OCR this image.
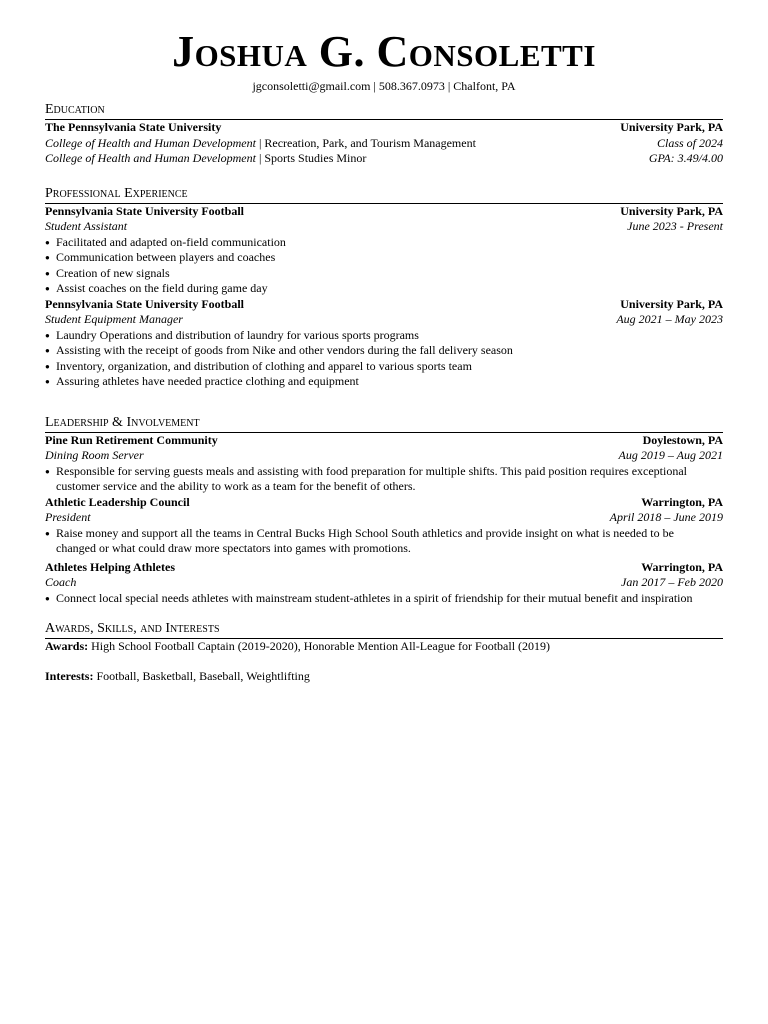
Joshua G. Consoletti
jgconsoletti@gmail.com | 508.367.0973 | Chalfont, PA
Education
The Pennsylvania State University	University Park, PA
College of Health and Human Development | Recreation, Park, and Tourism Management	Class of 2024
College of Health and Human Development | Sports Studies Minor	GPA: 3.49/4.00
Professional Experience
Pennsylvania State University Football	University Park, PA
Student Assistant	June 2023 - Present
● Facilitated and adapted on-field communication
● Communication between players and coaches
● Creation of new signals
● Assist coaches on the field during game day
Pennsylvania State University Football	University Park, PA
Student Equipment Manager	Aug 2021 – May 2023
● Laundry Operations and distribution of laundry for various sports programs
● Assisting with the receipt of goods from Nike and other vendors during the fall delivery season
● Inventory, organization, and distribution of clothing and apparel to various sports team
● Assuring athletes have needed practice clothing and equipment
Leadership & Involvement
Pine Run Retirement Community	Doylestown, PA
Dining Room Server	Aug 2019 – Aug 2021
● Responsible for serving guests meals and assisting with food preparation for multiple shifts. This paid position requires exceptional
customer service and the ability to work as a team for the benefit of others.
Athletic Leadership Council	Warrington, PA
President	April 2018 – June 2019
● Raise money and support all the teams in Central Bucks High School South athletics and provide insight on what is needed to be
changed or what could draw more spectators into games with promotions.
Athletes Helping Athletes	Warrington, PA
Coach	Jan 2017 – Feb 2020
● Connect local special needs athletes with mainstream student-athletes in a spirit of friendship for their mutual benefit and inspiration
Awards, Skills, and Interests
Awards: High School Football Captain (2019-2020), Honorable Mention All-League for Football (2019)
Interests: Football, Basketball, Baseball, Weightlifting
